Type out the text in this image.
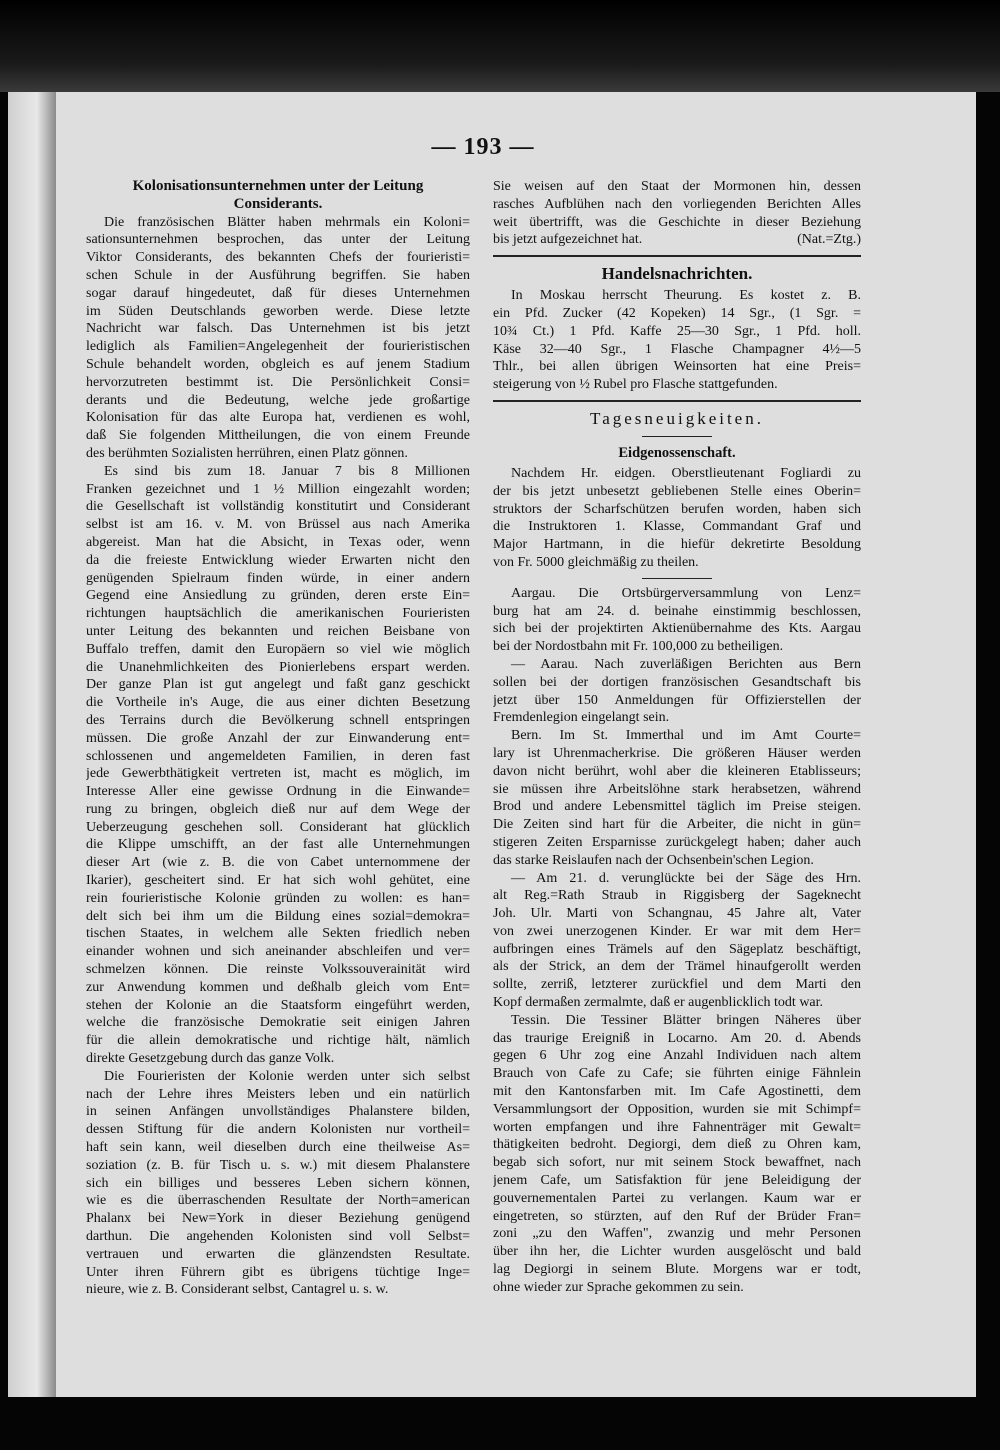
— 193 —
Kolonisationsunternehmen unter der Leitung
Considerants.
Die französischen Blätter haben mehrmals ein Koloni=
sationsunternehmen besprochen, das unter der Leitung
Viktor Considerants, des bekannten Chefs der fourieristi=
schen Schule in der Ausführung begriffen. Sie haben
sogar darauf hingedeutet, daß für dieses Unternehmen
im Süden Deutschlands geworben werde. Diese letzte
Nachricht war falsch. Das Unternehmen ist bis jetzt
lediglich als Familien=Angelegenheit der fourieristischen
Schule behandelt worden, obgleich es auf jenem Stadium
hervorzutreten bestimmt ist. Die Persönlichkeit Consi=
derants und die Bedeutung, welche jede großartige
Kolonisation für das alte Europa hat, verdienen es wohl,
daß Sie folgenden Mittheilungen, die von einem Freunde
des berühmten Sozialisten herrühren, einen Platz gönnen.
Es sind bis zum 18. Januar 7 bis 8 Millionen
Franken gezeichnet und 1 ½ Million eingezahlt worden;
die Gesellschaft ist vollständig konstitutirt und Considerant
selbst ist am 16. v. M. von Brüssel aus nach Amerika
abgereist. Man hat die Absicht, in Texas oder, wenn
da die freieste Entwicklung wieder Erwarten nicht den
genügenden Spielraum finden würde, in einer andern
Gegend eine Ansiedlung zu gründen, deren erste Ein=
richtungen hauptsächlich die amerikanischen Fourieristen
unter Leitung des bekannten und reichen Beisbane von
Buffalo treffen, damit den Europäern so viel wie möglich
die Unanehmlichkeiten des Pionierlebens erspart werden.
Der ganze Plan ist gut angelegt und faßt ganz geschickt
die Vortheile in's Auge, die aus einer dichten Besetzung
des Terrains durch die Bevölkerung schnell entspringen
müssen. Die große Anzahl der zur Einwanderung ent=
schlossenen und angemeldeten Familien, in deren fast
jede Gewerbthätigkeit vertreten ist, macht es möglich, im
Interesse Aller eine gewisse Ordnung in die Einwande=
rung zu bringen, obgleich dieß nur auf dem Wege der
Ueberzeugung geschehen soll. Considerant hat glücklich
die Klippe umschifft, an der fast alle Unternehmungen
dieser Art (wie z. B. die von Cabet unternommene der
Ikarier), gescheitert sind. Er hat sich wohl gehütet, eine
rein fourieristische Kolonie gründen zu wollen: es han=
delt sich bei ihm um die Bildung eines sozial=demokra=
tischen Staates, in welchem alle Sekten friedlich neben
einander wohnen und sich aneinander abschleifen und ver=
schmelzen können. Die reinste Volkssouverainität wird
zur Anwendung kommen und deßhalb gleich vom Ent=
stehen der Kolonie an die Staatsform eingeführt werden,
welche die französische Demokratie seit einigen Jahren
für die allein demokratische und richtige hält, nämlich
direkte Gesetzgebung durch das ganze Volk.
Die Fourieristen der Kolonie werden unter sich selbst
nach der Lehre ihres Meisters leben und ein natürlich
in seinen Anfängen unvollständiges Phalanstere bilden,
dessen Stiftung für die andern Kolonisten nur vortheil=
haft sein kann, weil dieselben durch eine theilweise As=
soziation (z. B. für Tisch u. s. w.) mit diesem Phalanstere
sich ein billiges und besseres Leben sichern können,
wie es die überraschenden Resultate der North=american
Phalanx bei New=York in dieser Beziehung genügend
darthun. Die angehenden Kolonisten sind voll Selbst=
vertrauen und erwarten die glänzendsten Resultate.
Unter ihren Führern gibt es übrigens tüchtige Inge=
nieure, wie z. B. Considerant selbst, Cantagrel u. s. w.
Sie weisen auf den Staat der Mormonen hin, dessen
rasches Aufblühen nach den vorliegenden Berichten Alles
weit übertrifft, was die Geschichte in dieser Beziehung
bis jetzt aufgezeichnet hat.	(Nat.=Ztg.)
Handelsnachrichten.
In Moskau herrscht Theurung. Es kostet z. B.
ein Pfd. Zucker (42 Kopeken) 14 Sgr., (1 Sgr. =
10¾ Ct.) 1 Pfd. Kaffe 25—30 Sgr., 1 Pfd. holl.
Käse 32—40 Sgr., 1 Flasche Champagner 4½—5
Thlr., bei allen übrigen Weinsorten hat eine Preis=
steigerung von ½ Rubel pro Flasche stattgefunden.
Tagesneuigkeiten.
Eidgenossenschaft.
Nachdem Hr. eidgen. Oberstlieutenant Fogliardi zu
der bis jetzt unbesetzt gebliebenen Stelle eines Oberin=
struktors der Scharfschützen berufen worden, haben sich
die Instruktoren 1. Klasse, Commandant Graf und
Major Hartmann, in die hiefür dekretirte Besoldung
von Fr. 5000 gleichmäßig zu theilen.
Aargau. Die Ortsbürgerversammlung von Lenz=
burg hat am 24. d. beinahe einstimmig beschlossen,
sich bei der projektirten Aktienübernahme des Kts. Aargau
bei der Nordostbahn mit Fr. 100,000 zu betheiligen.
— Aarau. Nach zuverläßigen Berichten aus Bern
sollen bei der dortigen französischen Gesandtschaft bis
jetzt über 150 Anmeldungen für Offizierstellen der
Fremdenlegion eingelangt sein.
Bern. Im St. Immerthal und im Amt Courte=
lary ist Uhrenmacherkrise. Die größeren Häuser werden
davon nicht berührt, wohl aber die kleineren Etablisseurs;
sie müssen ihre Arbeitslöhne stark herabsetzen, während
Brod und andere Lebensmittel täglich im Preise steigen.
Die Zeiten sind hart für die Arbeiter, die nicht in gün=
stigeren Zeiten Ersparnisse zurückgelegt haben; daher auch
das starke Reislaufen nach der Ochsenbein'schen Legion.
— Am 21. d. verunglückte bei der Säge des Hrn.
alt Reg.=Rath Straub in Riggisberg der Sageknecht
Joh. Ulr. Marti von Schangnau, 45 Jahre alt, Vater
von zwei unerzogenen Kinder. Er war mit dem Her=
aufbringen eines Trämels auf den Sägeplatz beschäftigt,
als der Strick, an dem der Trämel hinaufgerollt werden
sollte, zerriß, letzterer zurückfiel und dem Marti den
Kopf dermaßen zermalmte, daß er augenblicklich todt war.
Tessin. Die Tessiner Blätter bringen Näheres über
das traurige Ereigniß in Locarno. Am 20. d. Abends
gegen 6 Uhr zog eine Anzahl Individuen nach altem
Brauch von Cafe zu Cafe; sie führten einige Fähnlein
mit den Kantonsfarben mit. Im Cafe Agostinetti, dem
Versammlungsort der Opposition, wurden sie mit Schimpf=
worten empfangen und ihre Fahnenträger mit Gewalt=
thätigkeiten bedroht. Degiorgi, dem dieß zu Ohren kam,
begab sich sofort, nur mit seinem Stock bewaffnet, nach
jenem Cafe, um Satisfaktion für jene Beleidigung der
gouvernementalen Partei zu verlangen. Kaum war er
eingetreten, so stürzten, auf den Ruf der Brüder Fran=
zoni „zu den Waffen", zwanzig und mehr Personen
über ihn her, die Lichter wurden ausgelöscht und bald
lag Degiorgi in seinem Blute. Morgens war er todt,
ohne wieder zur Sprache gekommen zu sein.
